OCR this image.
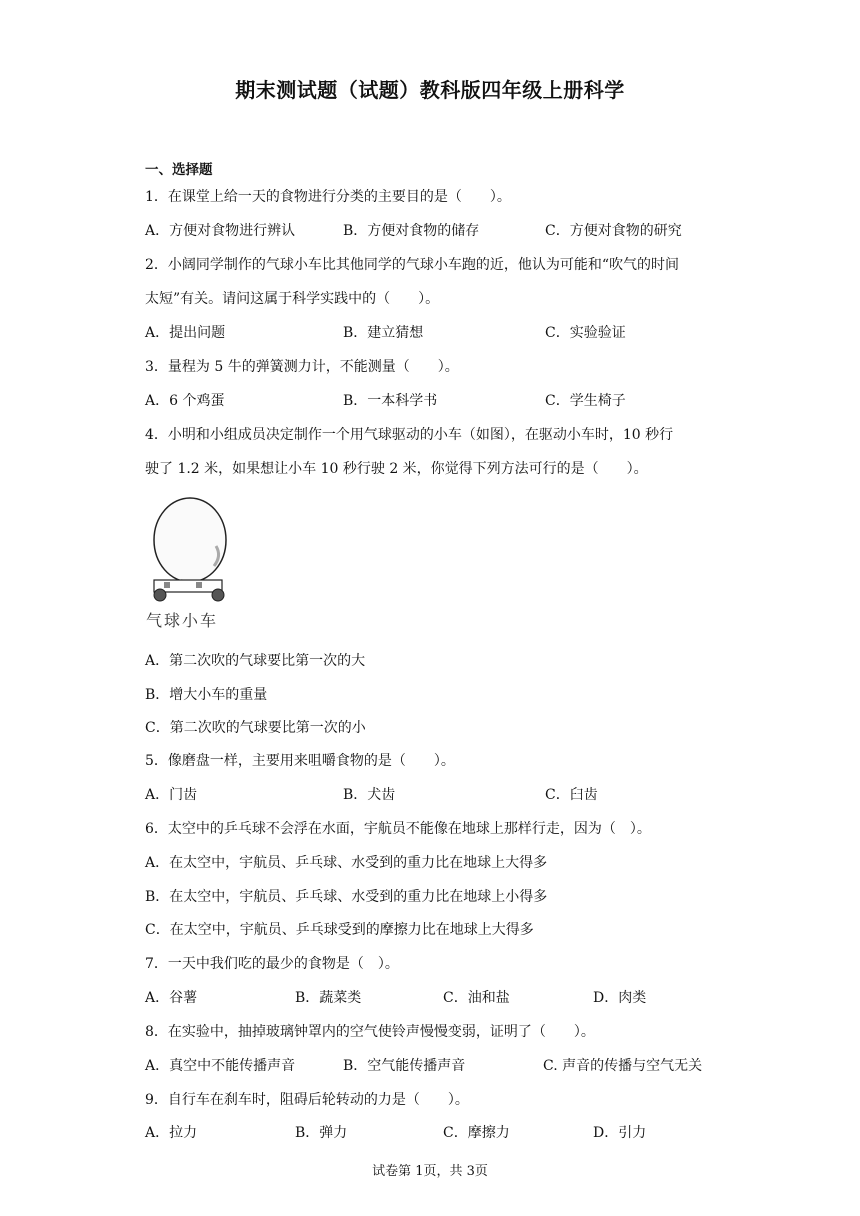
期末测试题（试题）教科版四年级上册科学
一、选择题
1．在课堂上给一天的食物进行分类的主要目的是（　　）。
A．方便对食物进行辨认	B．方便对食物的储存	C．方便对食物的研究
2．小阔同学制作的气球小车比其他同学的气球小车跑的近，他认为可能和“吹气的时间
太短”有关。请问这属于科学实践中的（　　）。
A．提出问题	B．建立猜想	C．实验验证
3．量程为 5 牛的弹簧测力计，不能测量（　　）。
A．6 个鸡蛋	B．一本科学书	C．学生椅子
4．小明和小组成员决定制作一个用气球驱动的小车（如图），在驱动小车时，10 秒行
驶了 1.2 米，如果想让小车 10 秒行驶 2 米，你觉得下列方法可行的是（　　）。
气球小车
A．第二次吹的气球要比第一次的大
B．增大小车的重量
C．第二次吹的气球要比第一次的小
5．像磨盘一样，主要用来咀嚼食物的是（　　）。
A．门齿	B．犬齿	C．臼齿
6．太空中的乒乓球不会浮在水面，宇航员不能像在地球上那样行走，因为（　）。
A．在太空中，宇航员、乒乓球、水受到的重力比在地球上大得多
B．在太空中，宇航员、乒乓球、水受到的重力比在地球上小得多
C．在太空中，宇航员、乒乓球受到的摩擦力比在地球上大得多
7．一天中我们吃的最少的食物是（　）。
A．谷薯	B．蔬菜类	C．油和盐	D．肉类
8．在实验中，抽掉玻璃钟罩内的空气使铃声慢慢变弱，证明了（　　）。
A．真空中不能传播声音	B．空气能传播声音	C. 声音的传播与空气无关
9．自行车在刹车时，阻碍后轮转动的力是（　　）。
A．拉力	B．弹力	C．摩擦力	D．引力
试卷第 1页，共 3页
